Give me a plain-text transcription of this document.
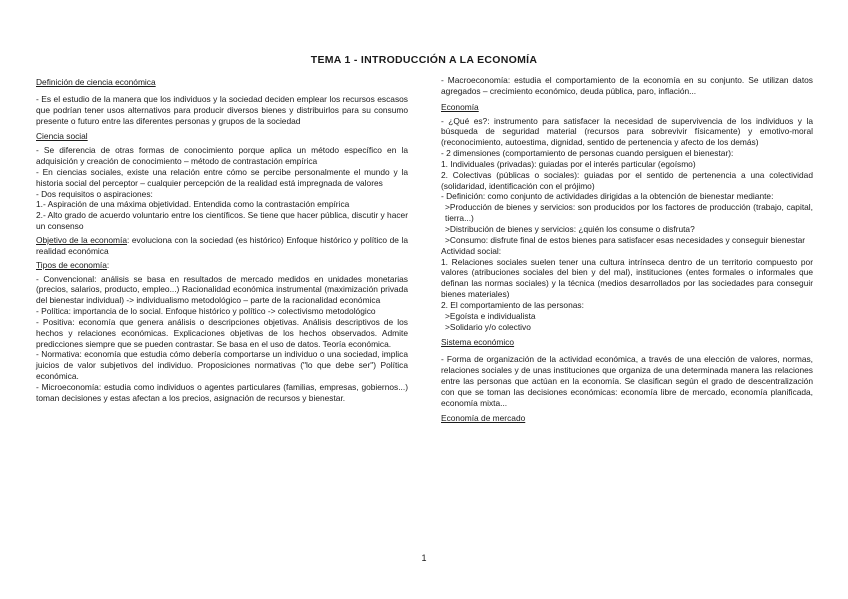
TEMA 1 - INTRODUCCIÓN A LA ECONOMÍA

Definición de ciencia económica

- Es el estudio de la manera que los individuos y la sociedad deciden emplear los recursos escasos que podrían tener usos alternativos para producir diversos bienes y distribuirlos para su consumo presente o futuro entre las diferentes personas y grupos de la sociedad

Ciencia social

- Se diferencia de otras formas de conocimiento porque aplica un método específico en la adquisición y creación de conocimiento – método de contrastación empírica

- En ciencias sociales, existe una relación entre cómo se percibe personalmente el mundo y la historia social del perceptor – cualquier percepción de la realidad está impregnada de valores

- Dos requisitos o aspiraciones:

1.- Aspiración de una máxima objetividad. Entendida como la contrastación empírica

2.- Alto grado de acuerdo voluntario entre los científicos. Se tiene que hacer pública, discutir y hacer un consenso

Objetivo de la economía: evoluciona con la sociedad (es histórico) Enfoque histórico y político de la realidad económica

Tipos de economía:

- Convencional: análisis se basa en resultados de mercado medidos en unidades monetarias (precios, salarios, producto, empleo...) Racionalidad económica instrumental (maximización privada del bienestar individual) -> individualismo metodológico – parte de la racionalidad económica

- Política: importancia de lo social. Enfoque histórico y político -> colectivismo metodológico

- Positiva: economía que genera análisis o descripciones objetivas. Análisis descriptivos de los hechos y relaciones económicas. Explicaciones objetivas de los hechos observados. Admite predicciones siempre que se pueden contrastar. Se basa en el uso de datos. Teoría económica.

- Normativa: economía que estudia cómo debería comportarse un individuo o una sociedad, implica juicios de valor subjetivos del individuo. Proposiciones normativas ("lo que debe ser") Política económica.

- Microeconomía: estudia como individuos o agentes particulares (familias, empresas, gobiernos...) toman decisiones y estas afectan a los precios, asignación de recursos y bienestar.

- Macroeconomía: estudia el comportamiento de la economía en su conjunto. Se utilizan datos agregados – crecimiento económico, deuda pública, paro, inflación...

Economía

- ¿Qué es?: instrumento para satisfacer la necesidad de supervivencia de los individuos y la búsqueda de seguridad material (recursos para sobrevivir físicamente) y emotivo-moral (reconocimiento, autoestima, dignidad, sentido de pertenencia y afecto de los demás)

- 2 dimensiones (comportamiento de personas cuando persiguen el bienestar):

1. Individuales (privadas): guiadas por el interés particular (egoísmo)

2. Colectivas (públicas o sociales): guiadas por el sentido de pertenencia a una colectividad (solidaridad, identificación con el prójimo)

- Definición: como conjunto de actividades dirigidas a la obtención de bienestar mediante:

>Producción de bienes y servicios: son producidos por los factores de producción (trabajo, capital, tierra...)

>Distribución de bienes y servicios: ¿quién los consume o disfruta?

>Consumo: disfrute final de estos bienes para satisfacer esas necesidades y conseguir bienestar

Actividad social:

1. Relaciones sociales suelen tener una cultura intrínseca dentro de un territorio compuesto por valores (atribuciones sociales del bien y del mal), instituciones (entes formales o informales que definan las normas sociales) y la técnica (medios desarrollados por las sociedades para conseguir bienes materiales)

2. El comportamiento de las personas:

>Egoísta e individualista

>Solidario y/o colectivo

Sistema económico

- Forma de organización de la actividad económica, a través de una elección de valores, normas, relaciones sociales y de unas instituciones que organiza de una determinada manera las relaciones entre las personas que actúan en la economía. Se clasifican según el grado de descentralización con que se toman las decisiones económicas: economía libre de mercado, economía planificada, economía mixta...

Economía de mercado

1
